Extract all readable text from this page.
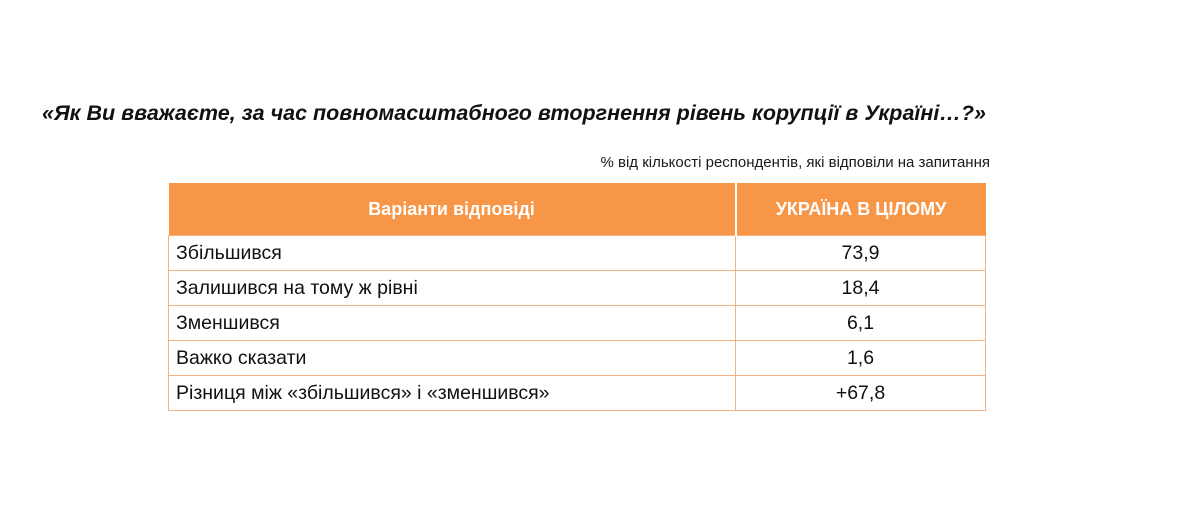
«Як Ви вважаєте, за час повномасштабного вторгнення рівень корупції в Україні…?»
% від кількості респондентів, які відповіли на запитання
Варіанти відповіді	УКРАЇНА В ЦІЛОМУ
Збільшився	73,9
Залишився на тому ж рівні	18,4
Зменшився	6,1
Важко сказати	1,6
Різниця між «збільшився» і «зменшився»	+67,8
